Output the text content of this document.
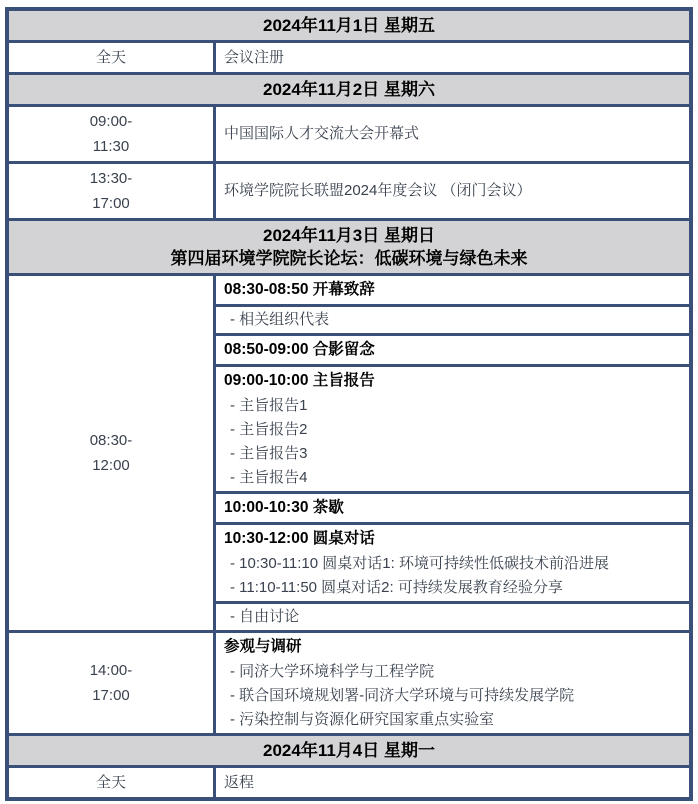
2024年11月1日 星期五
全天	会议注册
2024年11月2日 星期六
09:00-
11:30
中国国际人才交流大会开幕式
13:30-
17:00
环境学院院长联盟2024年度会议 （闭门会议）
2024年11月3日 星期日
第四届环境学院院长论坛：低碳环境与绿色未来
08:30-
12:00
08:30-08:50 开幕致辞
- 相关组织代表
08:50-09:00 合影留念
09:00-10:00 主旨报告
- 主旨报告1
- 主旨报告2
- 主旨报告3
- 主旨报告4
10:00-10:30 茶歇
10:30-12:00 圆桌对话
- 10:30-11:10 圆桌对话1: 环境可持续性低碳技术前沿进展
- 11:10-11:50 圆桌对话2: 可持续发展教育经验分享
- 自由讨论
14:00-
17:00
参观与调研
- 同济大学环境科学与工程学院
- 联合国环境规划署-同济大学环境与可持续发展学院
- 污染控制与资源化研究国家重点实验室
2024年11月4日 星期一
全天	返程
